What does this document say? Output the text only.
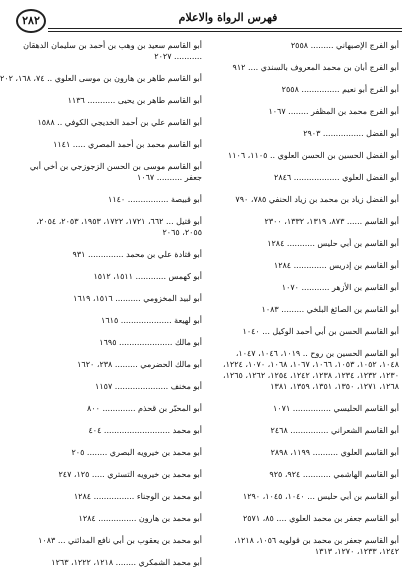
٢٨٢	فهرس الرواة والاعلام
أبو الفرج الإصبهاني ......... ٢٥٥٨
أبو الفرج أبان بن محمد المعروف بالسندي .... ٩١٢
أبو الفرج أبو نعيم ............... ٢٥٥٨
أبو الفرج محمد بن المظفر ........ ١٠٦٧
أبو الفضل ................ ٢٩٠٣
أبو الفضل الحسين بن الحسن العلوي .. ١١٠٥، ١١٠٦
أبو الفضل العلوي .................. ٢٨٤٦
أبو الفضل زياد بن محمد بن زياد الحنفي ٧٨٥، ٧٩٠
أبو القاسم ...... ٨٧٣، ١٣١٩، ١٣٣٢، ٢٣٠٠
أبو القاسم بن أبي حليس ........... ١٢٨٤
أبو القاسم بن إدريس ............. ١٢٨٤
أبو القاسم بن الأزهر ........... ١٠٧٠
أبو القاسم بن الصائغ البلخي ......... ١٠٨٣
أبو القاسم الحسن بن أبي أحمد الوكيل ... ١٠٤٠
أبو القاسم الحسين بن روح .. ١٠١٩، ١٠٤٦، ١٠٤٧، ١٠٤٨، ١٠٥٢، ١٠٥٣، ١٠٦٦، ١٠٦٧، ١٠٦٨، ١٠٧٠، ١٢٢٤، ١٢٣٠، ١٢٣٢، ١٢٣٤، ١٢٣٨، ١٢٤٢، ١٢٥٤، ١٢٦٢، ١٢٦٥، ١٢٦٨، ١٢٧١، ١٣٥٠، ١٣٥١، ١٣٥٩، ١٣٨١
أبو القاسم الحليسي ............... ١٠٧١
أبو القاسم الشعراني ............... ٢٤٦٨
أبو القاسم العلوي .......... ١١٩٩، ٢٨٩٨
أبو القاسم الهاشمي ........... ٩٢٤، ٩٢٥
أبو القاسم بن أبي حليس ... ١٠٤٠، ١٠٤٥، ١٢٩٠
أبو القاسم جعفر بن محمد العلوي .... ٨٥، ٢٥٧١
أبو القاسم جعفر بن محمد بن قولويه ١٠٥٦، ١٢١٨، ١٢٤٢، ١٢٣٣، ١٢٧٠، ١٣١٣
أبو القاسم سعيد بن وهب بن أحمد بن سليمان الدهقان ........... ٢٠٢٧
أبو القاسم طاهر بن هارون بن موسى العلوي .. ٧٤، ١٦٨، ٢٠٢
أبو القاسم طاهر بن يحيى ........... ١١٣٦
أبو القاسم علي بن أحمد الخديجي الكوفي .. ١٥٨٨
أبو القاسم محمد بن أحمد المصري ..... ١١٤١
أبو القاسم موسى بن الحسن الزجوزجي بن أخي أبي جعفر .......... ١٠٦٧
أبو قبيصة ................ ١١٤٠
أبو قتيل ... ٦٦٢، ١٧٢١، ١٧٢٢، ١٩٥٣، ٢٠٥٣، ٢٠٥٤، ٢٠٥٥، ٢٠٦٥
أبو قتادة علي بن محمد .............. ٩٣١
أبو كهمس ............ ١٥١١، ١٥١٢
أبو لبيد المخزومي .......... ١٥١٦، ١٦١٩
أبو لهيعة .................... ١٦١٥
أبو مالك ..................... ١٦٩٥
أبو مالك الحضرمي ......... ٢٣٨، ١٦٢٠
أبو مخنف ..................... ١١٥٧
أبو المحبّر بن قحذم ............. ٨٠٠
أبو محمد .......................... ٤٠٤
أبو محمد بن خيرويه البصري ........ ٢٠٥
أبو محمد بن خيرويه التستري ..... ١٢٥، ٢٤٧
أبو محمد بن الوجناء ................ ١٢٨٤
أبو محمد بن هارون ............... ١٢٨٤
أبو محمد بن يعقوب بن أبي نافع المدائني ... ١٠٨٣
أبو محمد الشمكري ........ ١٢١٨، ١٢٢٢، ١٢٦٣
